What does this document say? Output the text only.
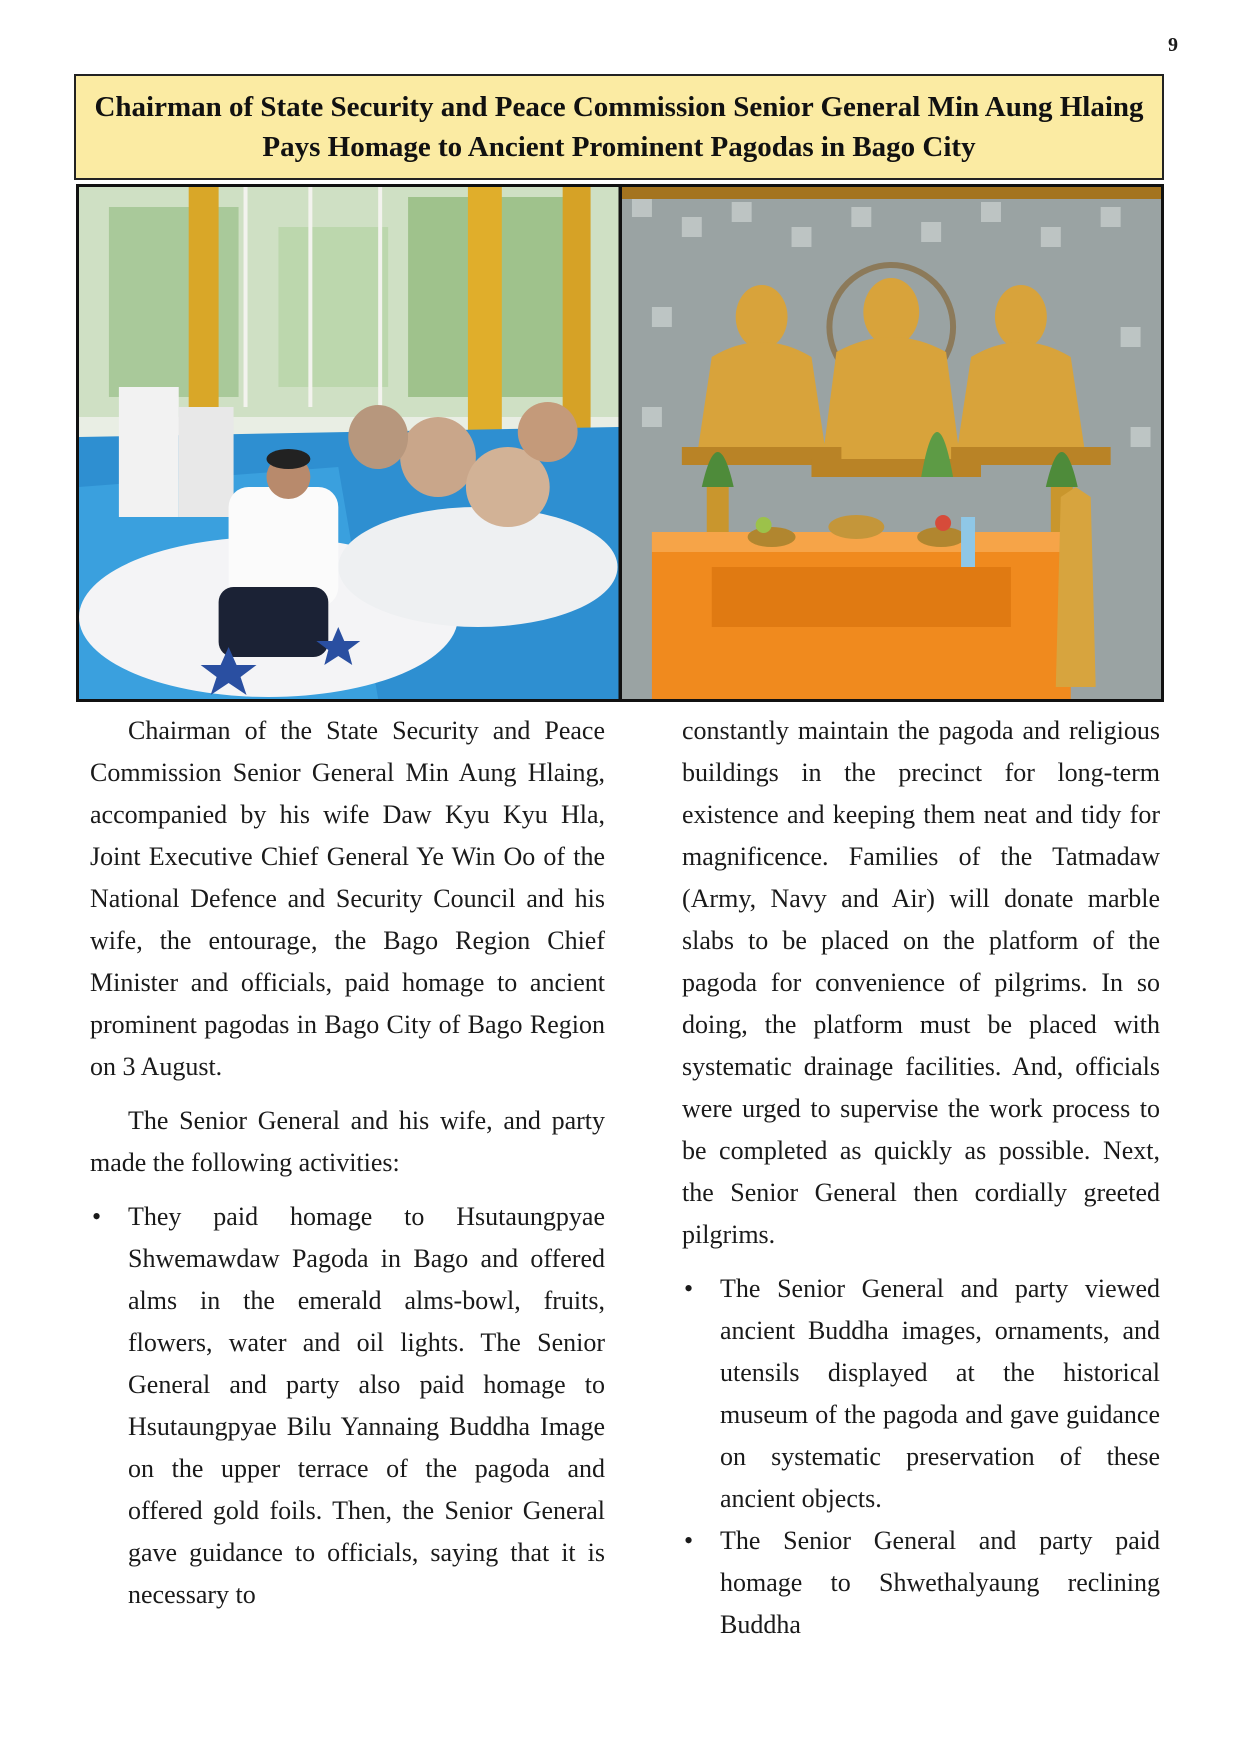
9
Chairman of State Security and Peace Commission Senior General Min Aung Hlaing Pays Homage to Ancient Prominent Pagodas in Bago City

Chairman of the State Security and Peace Commission Senior General Min Aung Hlaing, accompanied by his wife Daw Kyu Kyu Hla, Joint Executive Chief General Ye Win Oo of the National Defence and Security Council and his wife, the entourage, the Bago Region Chief Minister and officials, paid homage to ancient prominent pagodas in Bago City of Bago Region on 3 August.

The Senior General and his wife, and party made the following activities:

• They paid homage to Hsutaungpyae Shwemawdaw Pagoda in Bago and offered alms in the emerald alms-bowl, fruits, flowers, water and oil lights. The Senior General and party also paid homage to Hsutaungpyae Bilu Yannaing Buddha Image on the upper terrace of the pagoda and offered gold foils. Then, the Senior General gave guidance to officials, saying that it is necessary to

constantly maintain the pagoda and religious buildings in the precinct for long-term existence and keeping them neat and tidy for magnificence. Families of the Tatmadaw (Army, Navy and Air) will donate marble slabs to be placed on the platform of the pagoda for convenience of pilgrims. In so doing, the platform must be placed with systematic drainage facilities. And, officials were urged to supervise the work process to be completed as quickly as possible. Next, the Senior General then cordially greeted pilgrims.

• The Senior General and party viewed ancient Buddha images, ornaments, and utensils displayed at the historical museum of the pagoda and gave guidance on systematic preservation of these ancient objects.
• The Senior General and party paid homage to Shwethalyaung reclining Buddha
